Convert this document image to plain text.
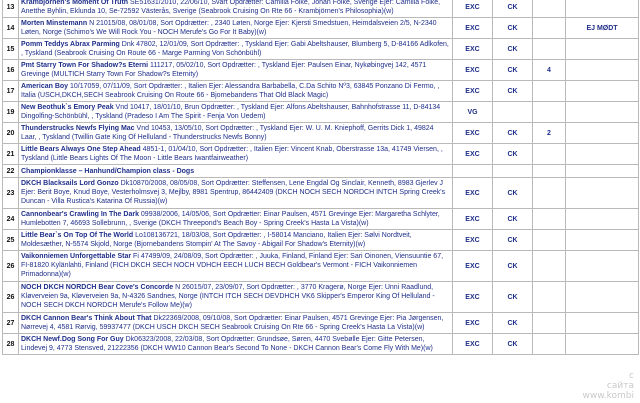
13	Krambjörnen's Moment Of Truth SE51631/2010, 22/06/10, Svart Opdrætter: Camilla Folke, Johan Folke, Sverige Ejer: Camilla Folke, Anetthe Byhlin, Eklunda 10, Se-72592 Västerås, Sverige (Seabrook Cruising On Rte 66 - Krambjörnen's Philosophia)(w)	EXC	CK		
14	Morten Minstemann N 21015/08, 08/01/08, Sort Opdrætter: , 2340 Løten, Norge Ejer: Kjersti Smedstuen, Heimdalsveien 2/5, N-2340 Løten, Norge (Schimo's We Will Rock You - NOCH Merufe's Go For It Baby)(w)	EXC	CK		EJ MØDT
15	Pomm Teddys Abrax Parming Dnk 47802, 12/01/09, Sort Opdrætter: , Tyskland Ejer: Gabi Abeltshauser, Blumberg 5, D-84166 Adlkofen, , Tyskland (Seabrook Cruising On Route 66 - Marge Parming Von Schönbühl)	EXC	CK		
16	Pmt Starry Town For Shadow?s Eterni 111217, 05/02/10, Sort Opdrætter: , Tyskland Ejer: Paulsen Einar, Nykøbingvej 142, 4571 Grevinge (MULTICH Starry Town For Shadow?s Eternity)	EXC	CK	4	
17	American Boy 10/17059, 07/11/09, Sort Opdrætter: , Italien Ejer: Alessandra Barbabella, C.Da Schito Nº3, 63845 Ponzano Di Fermo, , Italia (USCH,DKCH,SECH Seabrook Cruising On Route 66 - Bjornebandens That Old Black Magic)	EXC	CK		
19	New Beothuk`s Emory Peak Vnd 10417, 18/01/10, Brun Opdrætter: , Tyskland Ejer: Alfons Abeltshauser, Bahnhofstrasse 11, D-84134 Dingolfing-Schönbühl, , Tyskland (Pradeso I Am The Spirit - Fenja Von Uedem)	VG			
20	Thunderstrucks Newfs Flying Mac Vnd 10453, 13/05/10, Sort Opdrætter: , Tyskland Ejer: W. U. M. Kniephoff, Gerrits Dick 1, 49824 Laar, , Tyskland (Twillin Gate King Of Helluland - Thunderstrucks Newfs Bonny)	EXC	CK	2	
21	Little Bears Always One Step Ahead 4851-1, 01/04/10, Sort Opdrætter: , Italien Ejer: Vincent Knab, Oberstrasse 13a, 41749 Viersen, , Tyskland (Little Bears Lights Of The Moon - Little Bears Iwantfairweather)	EXC	CK		
22	Championklasse – Hanhund/Champion class - Dogs				
23	DKCH Blacksails Lord Gonzo Dk10870/2008, 08/05/08, Sort Opdrætter: Steffensen, Lene Engdal Og Sinclair, Kenneth, 8983 Gjerlev J Ejer: Berit Boye, Knud Boye, Vesterholmsvej 3, Mejlby, 8981 Spentrup, 86442409 (DKCH NOCH SECH NORDCH INTCH Spring Creek's Duncan - Villa Rustica's Katarina Of Russia)(w)	EXC	CK		
24	Cannonbear's Crawling In The Dark 09938/2006, 14/05/06, Sort Opdrætter: Einar Paulsen, 4571 Grevinge Ejer: Margaretha Schlyter, Humlebotten 7, 46693 Sollebrunn, , Sverige (DKCH Threepond's Beach Boy - Spring Creek's Hasta La Vista)(w)	EXC	CK		
25	Little Bear`s On Top Of The World Lo108136721, 18/03/08, Sort Opdrætter: , I-58014 Manciano, Italien Ejer: Sølvi Nordtveit, Moldesæther, N-5574 Skjold, Norge (Bjornebandens Stompin' At The Savoy - Abigail For Shadow's Eternity)(w)	EXC	CK		
26	Vaikonniemen Unforgettable Star Fi 47499/09, 24/08/09, Sort Opdrætter: , Juuka, Finland, Finland Ejer: Sari Oinonen, Viensuuntie 67, FI-81820 Kylänlahti, Finland (FICH DKCH SECH NOCH VDHCH EECH LUCH BECH Goldbear's Vermont - FICH Vaikonniemen Primadonna)(w)	EXC	CK		
26	NOCH DKCH NORDCH Bear Cove's Concorde N 26015/07, 23/09/07, Sort Opdrætter: , 3770 Kragerø, Norge Ejer: Unni Raadlund, Kløverveien 9a, Kløverveien 9a, N-4326 Sandnes, Norge (INTCH ITCH SECH DEVDHCH VK6 Skipper's Emperor King Of Helluland - NOCH SECH DKCH NORDCH Merufe's Follow Me)(w)	EXC	CK		
27	DKCH Cannon Bear's Think About That Dk22369/2008, 09/10/08, Sort Opdrætter: Einar Paulsen, 4571 Grevinge Ejer: Pia Jørgensen, Nørrevej 4, 4581 Rørvig, 59937477 (DKCH USCH DKCH SECH Seabrook Cruising On Rte 66 - Spring Creek's Hasta La Vista)(w)	EXC	CK		
28	DKCH Newf.Dog Song For Guy Dk06323/2008, 22/03/08, Sort Opdrætter: Grundsøe, Søren, 4470 Svebølle Ejer: Gitte Petersen, Lindevej 9, 4773 Stensved, 21222356 (DKCH WW10 Cannon Bear's Second To None - DKCH Cannon Bear's Come Fly With Me)(w)	EXC	CK		
с
сайта
www.kombi
